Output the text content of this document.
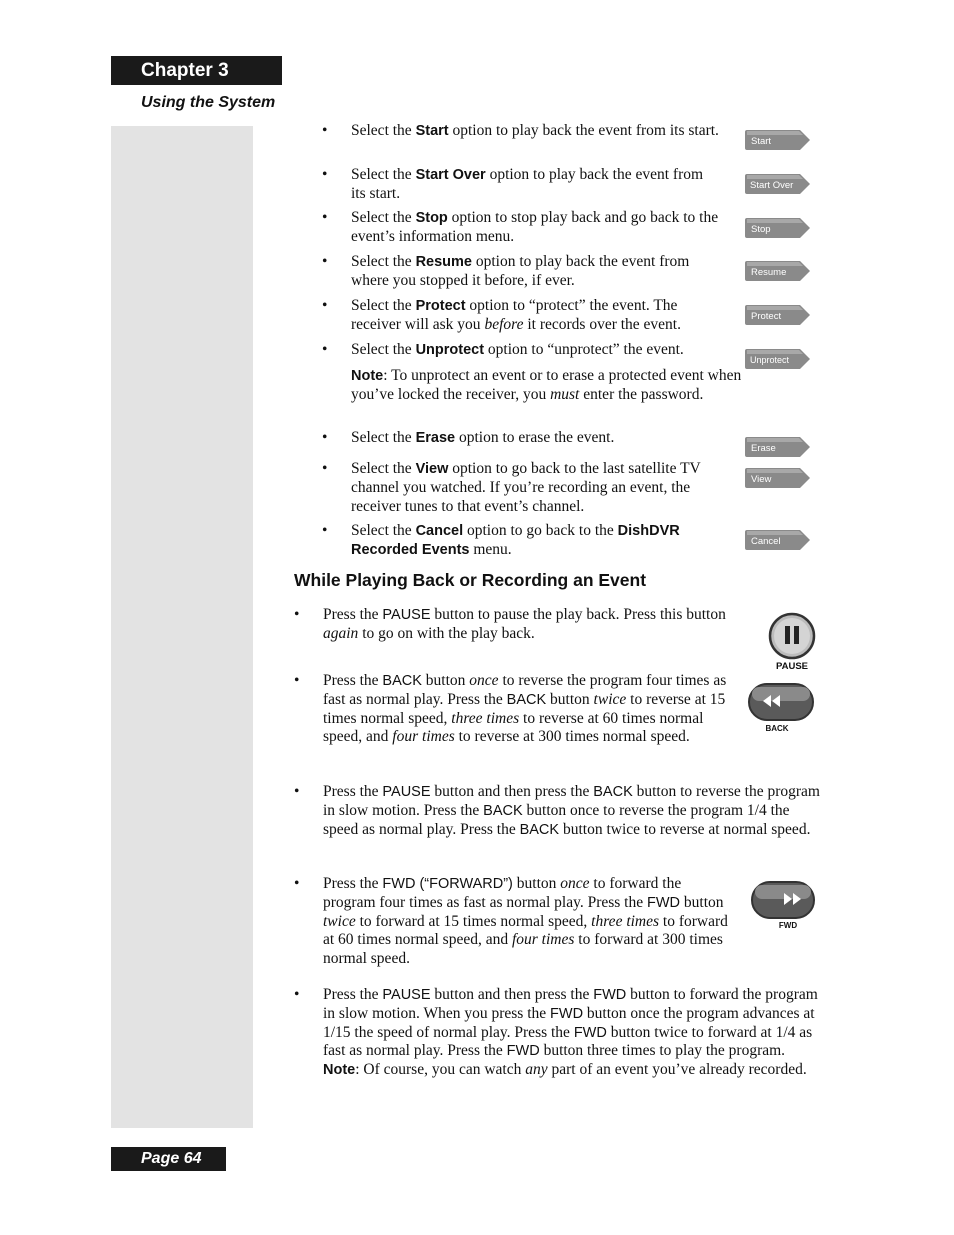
Chapter 3
Using the System
• Select the Start option to play back the event from its start.
Start
• Select the Start Over option to play back the event from its start.	Start Over
• Select the Stop option to stop play back and go back to the event’s information menu.	Stop
• Select the Resume option to play back the event from where you stopped it before, if ever.	Resume
• Select the Protect option to “protect” the event. The receiver will ask you before it records over the event.	Protect
• Select the Unprotect option to “unprotect” the event.
Unprotect
Note: To unprotect an event or to erase a protected event when you’ve locked the receiver, you must enter the password.
• Select the Erase option to erase the event.
Erase
• Select the View option to go back to the last satellite TV channel you watched. If you’re recording an event, the receiver tunes to that event’s channel.
View
• Select the Cancel option to go back to the DishDVR Recorded Events menu.	Cancel
While Playing Back or Recording an Event
• Press the PAUSE button to pause the play back. Press this button again to go on with the play back.
PAUSE
• Press the BACK button once to reverse the program four times as fast as normal play. Press the BACK button twice to reverse at 15 times normal speed, three times to reverse at 60 times normal speed, and four times to reverse at 300 times normal speed.	BACK
• Press the PAUSE button and then press the BACK button to reverse the program in slow motion. Press the BACK button once to reverse the program 1/4 the speed as normal play. Press the BACK button twice to reverse at normal speed.
• Press the FWD (“FORWARD”) button once to forward the program four times as fast as normal play. Press the FWD button twice to forward at 15 times normal speed, three times to forward at 60 times normal speed, and four times to forward at 300 times normal speed.
FWD
• Press the PAUSE button and then press the FWD button to forward the program in slow motion. When you press the FWD button once the program advances at 1/15 the speed of normal play. Press the FWD button twice to forward at 1/4 as fast as normal play. Press the FWD button three times to play the program.
Note: Of course, you can watch any part of an event you’ve already recorded.
Page 64
